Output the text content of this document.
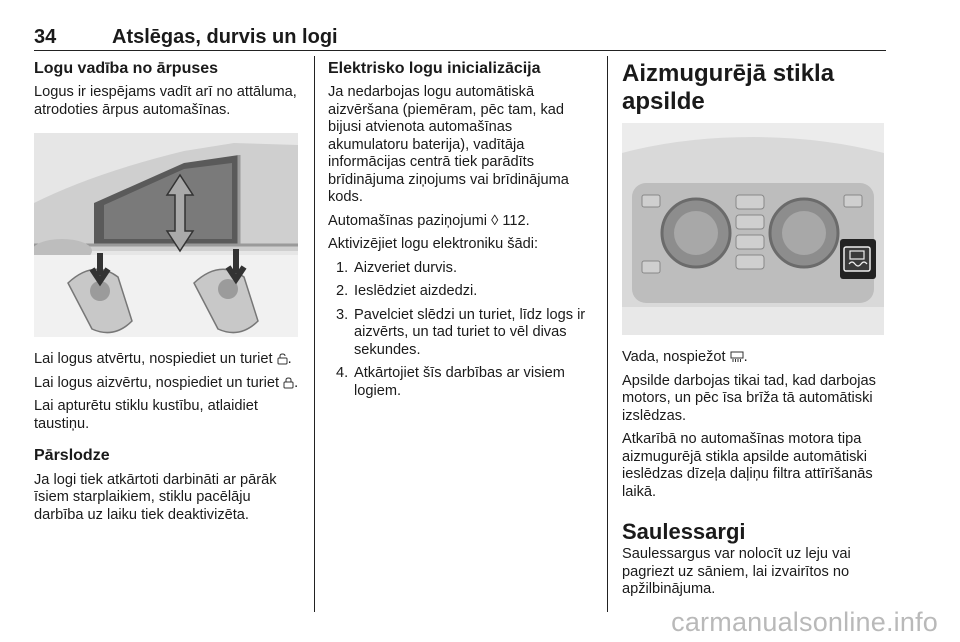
34	Atslēgas, durvis un logi
Logu vadība no ārpuses

Logus ir iespējams vadīt arī no attāluma, atrodoties ārpus automašīnas.

Lai logus atvērtu, nospiediet un turiet .

Lai logus aizvērtu, nospiediet un turiet .

Lai apturētu stiklu kustību, atlaidiet taustiņu.

Pārslodze

Ja logi tiek atkārtoti darbināti ar pārāk īsiem starplaikiem, stiklu pacēlāju darbība uz laiku tiek deaktivizēta.

Elektrisko logu inicializācija

Ja nedarbojas logu automātiskā aizvēršana (piemēram, pēc tam, kad bijusi atvienota automašīnas akumulatoru baterija), vadītāja informācijas centrā tiek parādīts brīdinājuma ziņojums vai brīdinājuma kods.

Automašīnas paziņojumi ◊ 112.

Aktivizējiet logu elektroniku šādi:

1. Aizveriet durvis.
2. Ieslēdziet aizdedzi.
3. Pavelciet slēdzi un turiet, līdz logs ir aizvērts, un tad turiet to vēl divas sekundes.
4. Atkārtojiet šīs darbības ar visiem logiem.
Aizmugurējā stikla apsilde

Vada, nospiežot .

Apsilde darbojas tikai tad, kad darbojas motors, un pēc īsa brīža tā automātiski izslēdzas.

Atkarībā no automašīnas motora tipa aizmugurējā stikla apsilde automātiski ieslēdzas dīzeļa daļiņu filtra attīrīšanās laikā.

Saulessargi

Saulessargus var nolocīt uz leju vai pagriezt uz sāniem, lai izvairītos no apžilbinājuma.

carmanualsonline.info
